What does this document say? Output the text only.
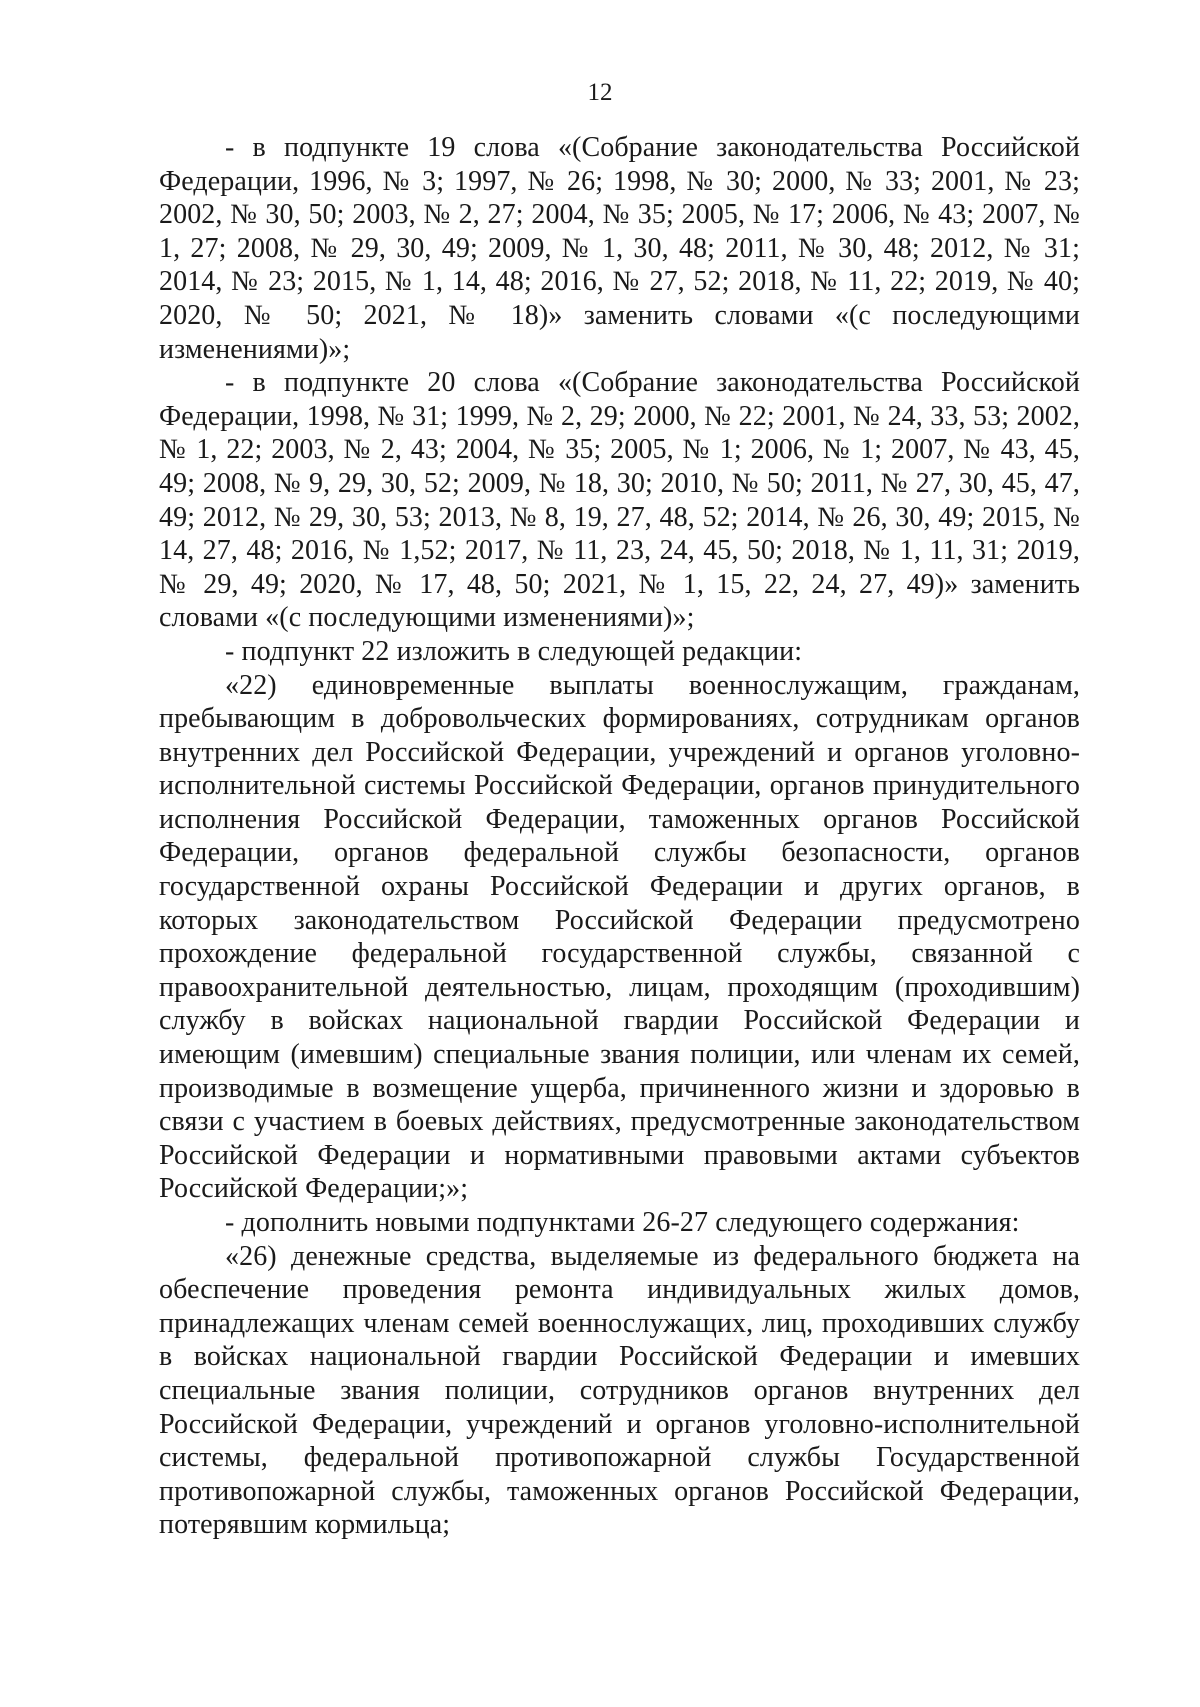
12

- в подпункте 19 слова «(Собрание законодательства Российской Федерации, 1996, № 3; 1997, № 26; 1998, № 30; 2000, № 33; 2001, № 23; 2002, № 30, 50; 2003, № 2, 27; 2004, № 35; 2005, № 17; 2006, № 43; 2007, № 1, 27; 2008, № 29, 30, 49; 2009, № 1, 30, 48; 2011, № 30, 48; 2012, № 31; 2014, № 23; 2015, № 1, 14, 48; 2016, № 27, 52; 2018, № 11, 22; 2019, № 40; 2020, № 50; 2021, № 18)» заменить словами «(с последующими изменениями)»;

- в подпункте 20 слова «(Собрание законодательства Российской Федерации, 1998, № 31; 1999, № 2, 29; 2000, № 22; 2001, № 24, 33, 53; 2002, № 1, 22; 2003, № 2, 43; 2004, № 35; 2005, № 1; 2006, № 1; 2007, № 43, 45, 49; 2008, № 9, 29, 30, 52; 2009, № 18, 30; 2010, № 50; 2011, № 27, 30, 45, 47, 49; 2012, № 29, 30, 53; 2013, № 8, 19, 27, 48, 52; 2014, № 26, 30, 49; 2015, № 14, 27, 48; 2016, № 1,52; 2017, № 11, 23, 24, 45, 50; 2018, № 1, 11, 31; 2019, № 29, 49; 2020, № 17, 48, 50; 2021, № 1, 15, 22, 24, 27, 49)» заменить словами «(с последующими изменениями)»;

- подпункт 22 изложить в следующей редакции:

«22) единовременные выплаты военнослужащим, гражданам, пребывающим в добровольческих формированиях, сотрудникам органов внутренних дел Российской Федерации, учреждений и органов уголовно-исполнительной системы Российской Федерации, органов принудительного исполнения Российской Федерации, таможенных органов Российской Федерации, органов федеральной службы безопасности, органов государственной охраны Российской Федерации и других органов, в которых законодательством Российской Федерации предусмотрено прохождение федеральной государственной службы, связанной с правоохранительной деятельностью, лицам, проходящим (проходившим) службу в войсках национальной гвардии Российской Федерации и имеющим (имевшим) специальные звания полиции, или членам их семей, производимые в возмещение ущерба, причиненного жизни и здоровью в связи с участием в боевых действиях, предусмотренные законодательством Российской Федерации и нормативными правовыми актами субъектов Российской Федерации;»;

- дополнить новыми подпунктами 26-27 следующего содержания:

«26) денежные средства, выделяемые из федерального бюджета на обеспечение проведения ремонта индивидуальных жилых домов, принадлежащих членам семей военнослужащих, лиц, проходивших службу в войсках национальной гвардии Российской Федерации и имевших специальные звания полиции, сотрудников органов внутренних дел Российской Федерации, учреждений и органов уголовно-исполнительной системы, федеральной противопожарной службы Государственной противопожарной службы, таможенных органов Российской Федерации, потерявшим кормильца;
